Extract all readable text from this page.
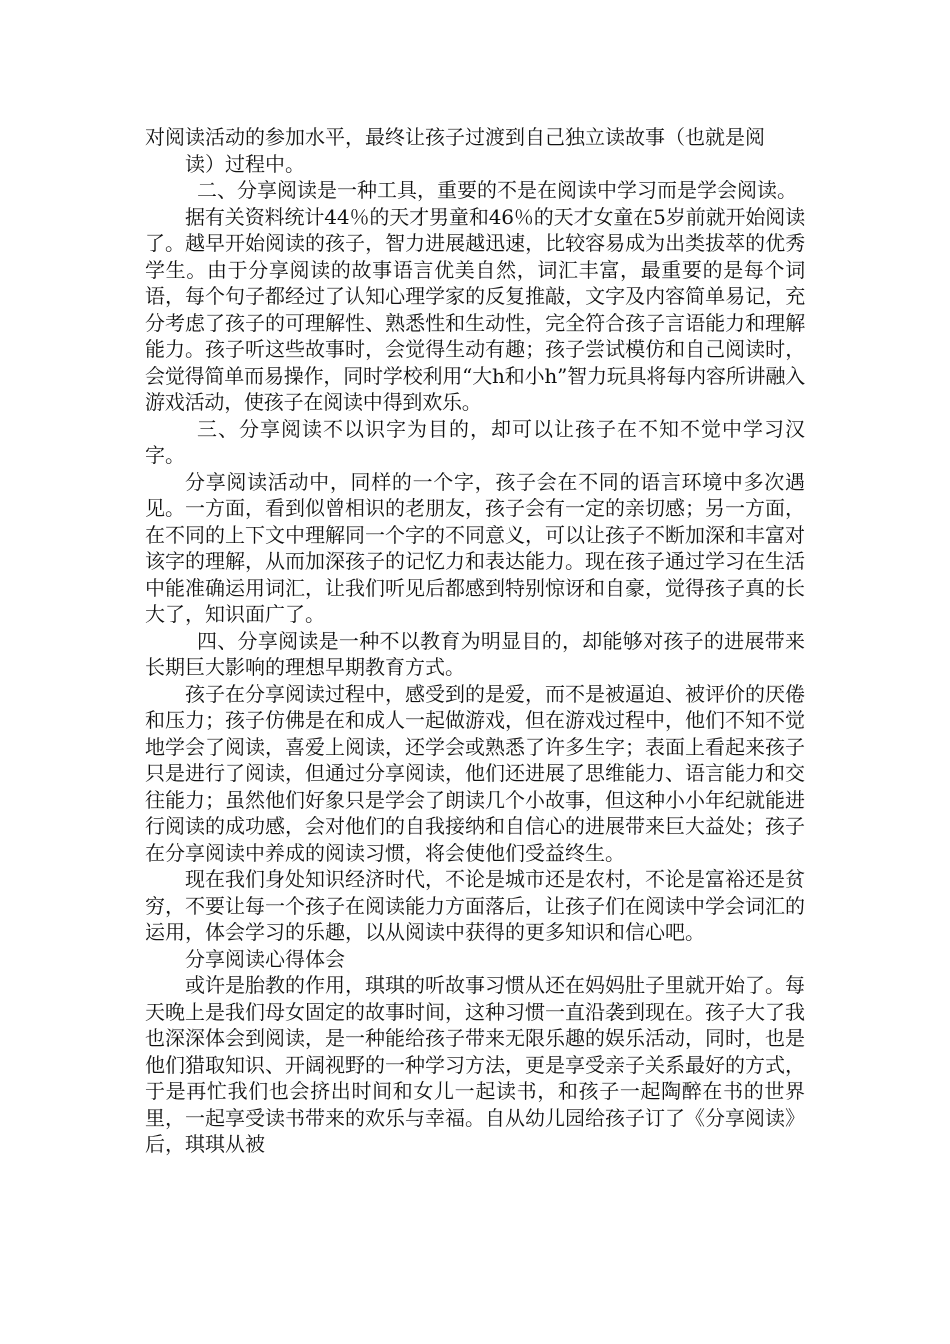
对阅读活动的参加水平，最终让孩子过渡到自己独立读故事（也就是阅

读）过程中。

二、分享阅读是一种工具，重要的不是在阅读中学习而是学会阅读。

据有关资料统计44％的天才男童和46％的天才女童在5岁前就开始阅读了。越早开始阅读的孩子，智力进展越迅速，比较容易成为出类拔萃的优秀学生。由于分享阅读的故事语言优美自然，词汇丰富，最重要的是每个词语，每个句子都经过了认知心理学家的反复推敲，文字及内容简单易记，充分考虑了孩子的可理解性、熟悉性和生动性，完全符合孩子言语能力和理解能力。孩子听这些故事时，会觉得生动有趣；孩子尝试模仿和自己阅读时，会觉得简单而易操作，同时学校利用“大h和小h”智力玩具将每内容所讲融入游戏活动，使孩子在阅读中得到欢乐。

三、分享阅读不以识字为目的，却可以让孩子在不知不觉中学习汉字。

分享阅读活动中，同样的一个字，孩子会在不同的语言环境中多次遇见。一方面，看到似曾相识的老朋友，孩子会有一定的亲切感；另一方面，在不同的上下文中理解同一个字的不同意义，可以让孩子不断加深和丰富对该字的理解，从而加深孩子的记忆力和表达能力。现在孩子通过学习在生活中能准确运用词汇，让我们听见后都感到特别惊讶和自豪，觉得孩子真的长大了，知识面广了。

四、分享阅读是一种不以教育为明显目的，却能够对孩子的进展带来长期巨大影响的理想早期教育方式。

孩子在分享阅读过程中，感受到的是爱，而不是被逼迫、被评价的厌倦和压力；孩子仿佛是在和成人一起做游戏，但在游戏过程中，他们不知不觉地学会了阅读，喜爱上阅读，还学会或熟悉了许多生字；表面上看起来孩子只是进行了阅读，但通过分享阅读，他们还进展了思维能力、语言能力和交往能力；虽然他们好象只是学会了朗读几个小故事，但这种小小年纪就能进行阅读的成功感，会对他们的自我接纳和自信心的进展带来巨大益处；孩子在分享阅读中养成的阅读习惯，将会使他们受益终生。

现在我们身处知识经济时代，不论是城市还是农村，不论是富裕还是贫穷，不要让每一个孩子在阅读能力方面落后，让孩子们在阅读中学会词汇的运用，体会学习的乐趣，以从阅读中获得的更多知识和信心吧。

分享阅读心得体会

或许是胎教的作用，琪琪的听故事习惯从还在妈妈肚子里就开始了。每天晚上是我们母女固定的故事时间，这种习惯一直沿袭到现在。孩子大了我也深深体会到阅读，是一种能给孩子带来无限乐趣的娱乐活动，同时，也是他们猎取知识、开阔视野的一种学习方法，更是享受亲子关系最好的方式，于是再忙我们也会挤出时间和女儿一起读书，和孩子一起陶醉在书的世界里，一起享受读书带来的欢乐与幸福。自从幼儿园给孩子订了《分享阅读》后，琪琪从被
